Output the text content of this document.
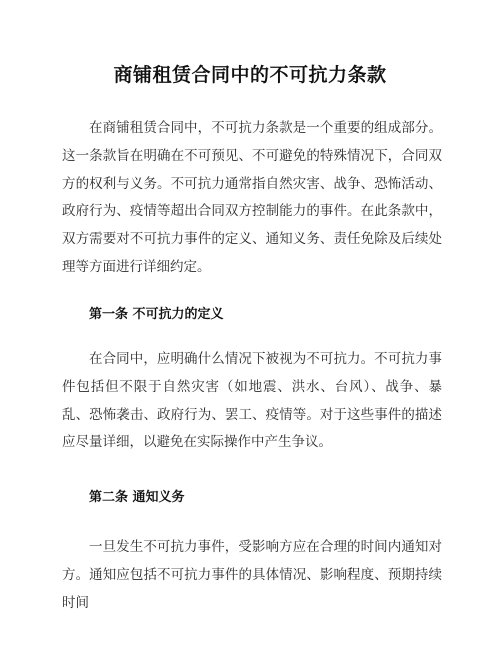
商铺租赁合同中的不可抗力条款

在商铺租赁合同中，不可抗力条款是一个重要的组成部分。这一条款旨在明确在不可预见、不可避免的特殊情况下，合同双方的权利与义务。不可抗力通常指自然灾害、战争、恐怖活动、政府行为、疫情等超出合同双方控制能力的事件。在此条款中，双方需要对不可抗力事件的定义、通知义务、责任免除及后续处理等方面进行详细约定。

第一条 不可抗力的定义

在合同中，应明确什么情况下被视为不可抗力。不可抗力事件包括但不限于自然灾害（如地震、洪水、台风）、战争、暴乱、恐怖袭击、政府行为、罢工、疫情等。对于这些事件的描述应尽量详细，以避免在实际操作中产生争议。

第二条 通知义务

一旦发生不可抗力事件，受影响方应在合理的时间内通知对方。通知应包括不可抗力事件的具体情况、影响程度、预期持续时间
